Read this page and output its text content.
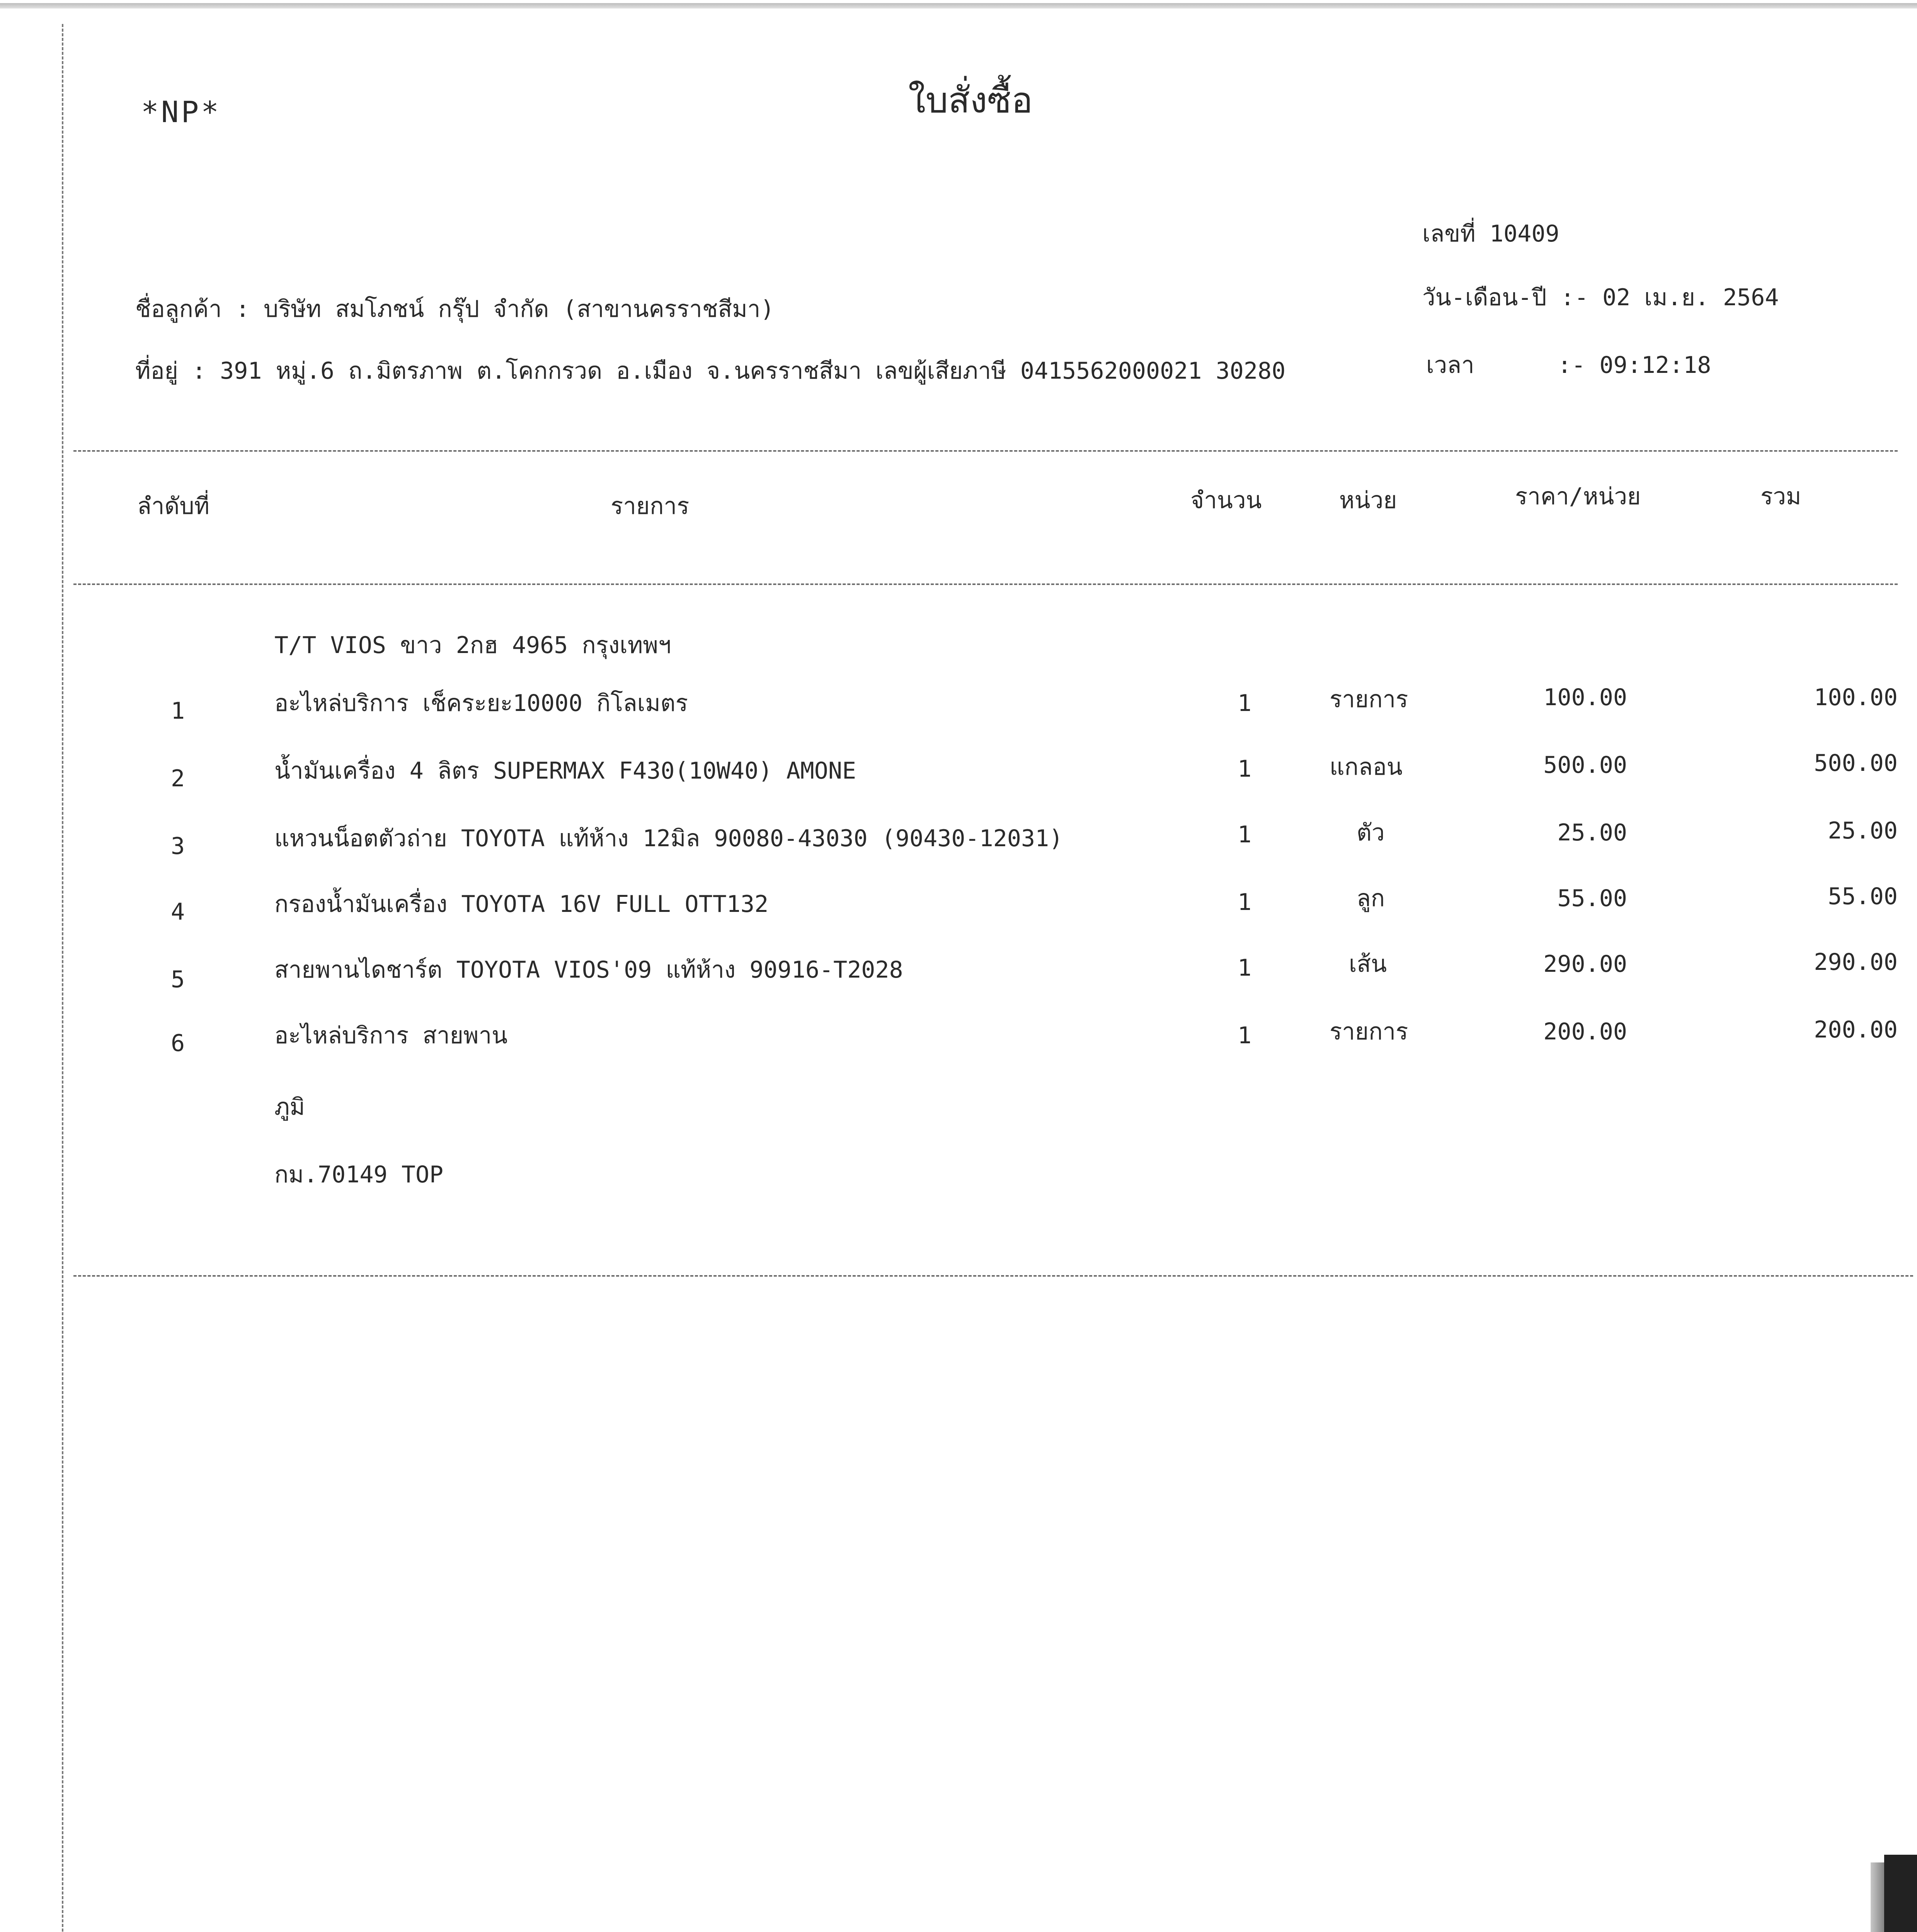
*NP*	ใบสั่งซื้อ
เลขที่ 10409
วัน-เดือน-ปี :- 02 เม.ย. 2564
เวลา	:- 09:12:18
ชื่อลูกค้า : บริษัท สมโภชน์ กรุ๊ป จำกัด (สาขานครราชสีมา)
ที่อยู่ : 391 หมู่.6 ถ.มิตรภาพ ต.โคกกรวด อ.เมือง จ.นครราชสีมา เลขผู้เสียภาษี 0415562000021 30280
ลำดับที่	รายการ	จำนวน	หน่วย	ราคา/หน่วย	รวม
T/T VIOS ขาว 2กฮ 4965 กรุงเทพฯ
1	อะไหล่บริการ เช็คระยะ10000 กิโลเมตร	1	รายการ	100.00	100.00
2	น้ำมันเครื่อง 4 ลิตร SUPERMAX F430(10W40) AMONE	1	แกลอน	500.00	500.00
3	แหวนน็อตตัวถ่าย TOYOTA แท้ห้าง 12มิล 90080-43030 (90430-12031)	1	ตัว	25.00	25.00
4	กรองน้ำมันเครื่อง TOYOTA 16V FULL OTT132	1	ลูก	55.00	55.00
5	สายพานไดชาร์ต TOYOTA VIOS'09 แท้ห้าง 90916-T2028	1	เส้น	290.00	290.00
6	อะไหล่บริการ สายพาน	1	รายการ	200.00	200.00
ภูมิ
กม.70149 TOP
